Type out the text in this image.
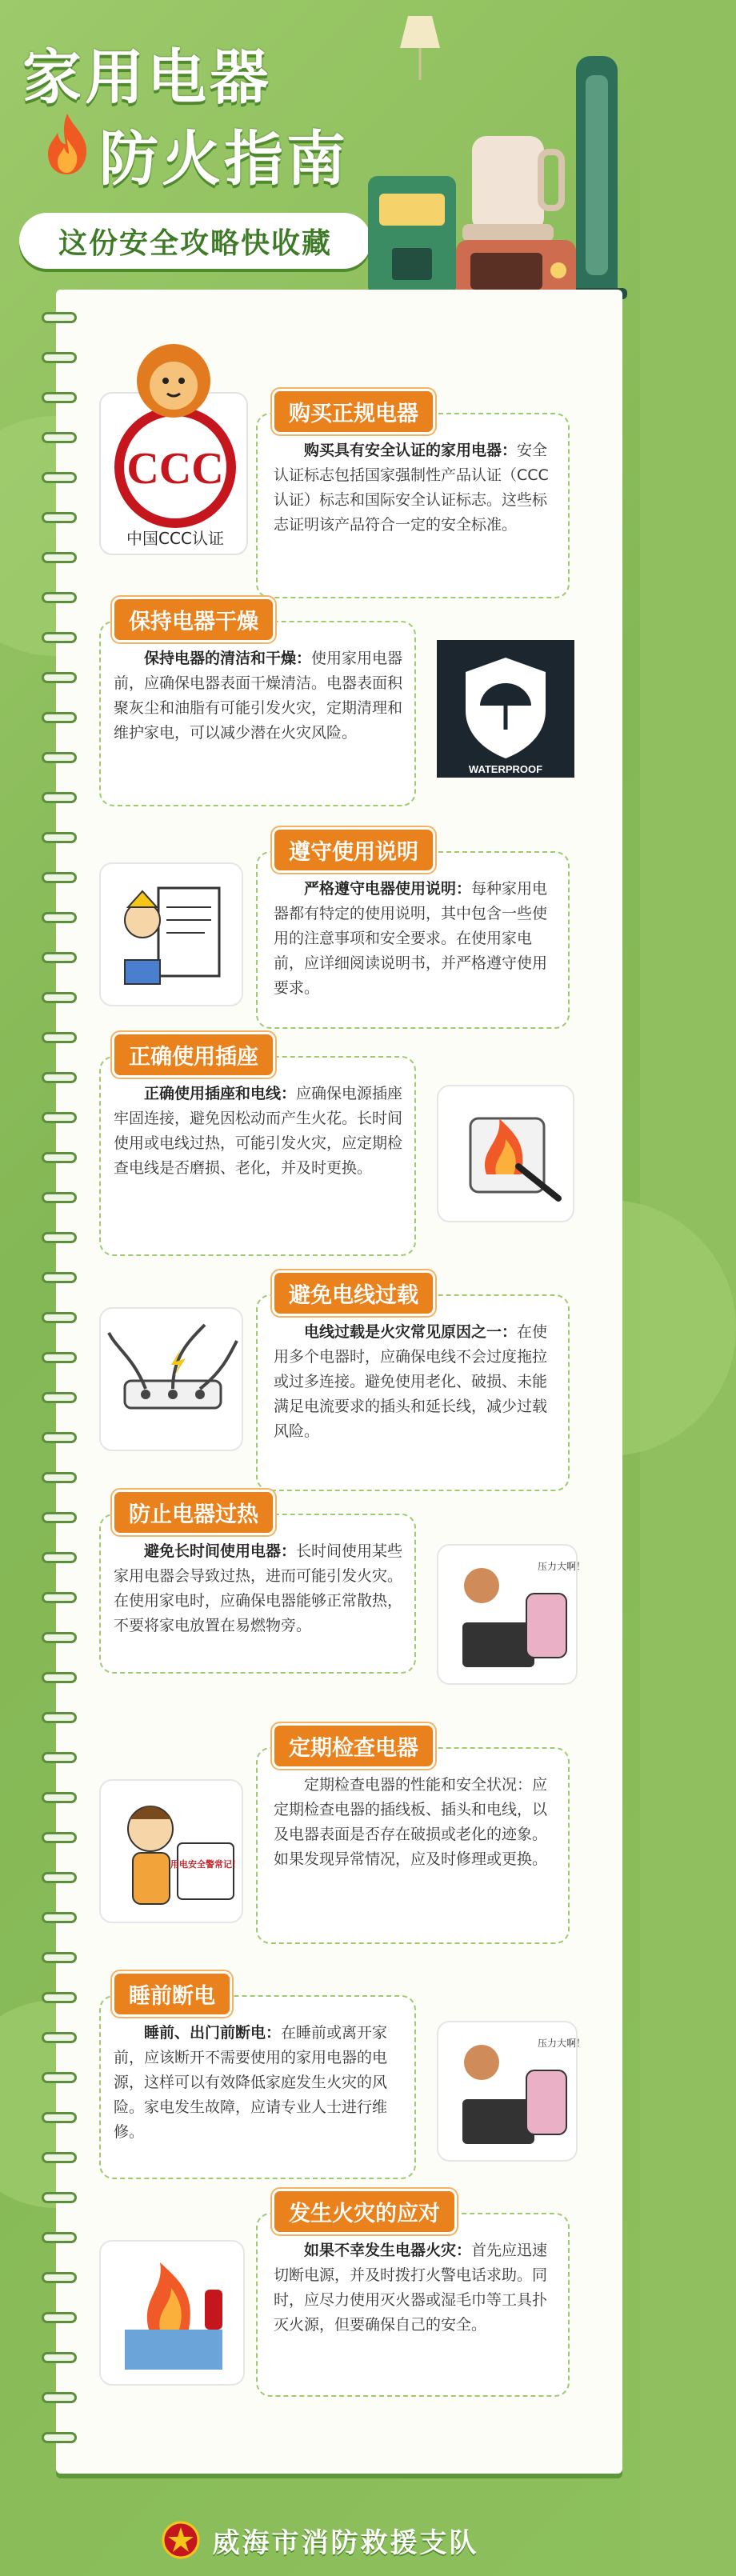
家用电器
防火指南
这份安全攻略快收藏
购买正规电器
购买具有安全认证的家用电器：安全认证标志包括国家强制性产品认证（CCC 认证）标志和国际安全认证标志。这些标志证明该产品符合一定的安全标准。
CCC
中国CCC认证
保持电器干燥
保持电器的清洁和干燥：使用家用电器前，应确保电器表面干燥清洁。电器表面积聚灰尘和油脂有可能引发火灾，定期清理和维护家电，可以减少潜在火灾风险。
WATERPROOF
遵守使用说明
严格遵守电器使用说明：每种家用电器都有特定的使用说明，其中包含一些使用的注意事项和安全要求。在使用家电前，应详细阅读说明书，并严格遵守使用要求。
正确使用插座
正确使用插座和电线：应确保电源插座牢固连接，避免因松动而产生火花。长时间使用或电线过热，可能引发火灾，应定期检查电线是否磨损、老化，并及时更换。
避免电线过载
电线过载是火灾常见原因之一：在使用多个电器时，应确保电线不会过度拖拉或过多连接。避免使用老化、破损、未能满足电流要求的插头和延长线，减少过载风险。
防止电器过热
避免长时间使用电器：长时间使用某些家用电器会导致过热，进而可能引发火灾。在使用家电时，应确保电器能够正常散热，不要将家电放置在易燃物旁。
压力大啊！
定期检查电器
定期检查电器的性能和安全状况：应定期检查电器的插线板、插头和电线，以及电器表面是否存在破损或老化的迹象。如果发现异常情况，应及时修理或更换。
用电安全警常记！
睡前断电
睡前、出门前断电：在睡前或离开家前，应该断开不需要使用的家用电器的电源，这样可以有效降低家庭发生火灾的风险。家电发生故障，应请专业人士进行维修。
压力大啊！
发生火灾的应对
如果不幸发生电器火灾：首先应迅速切断电源，并及时拨打火警电话求助。同时，应尽力使用灭火器或湿毛巾等工具扑灭火源，但要确保自己的安全。
威海市消防救援支队
